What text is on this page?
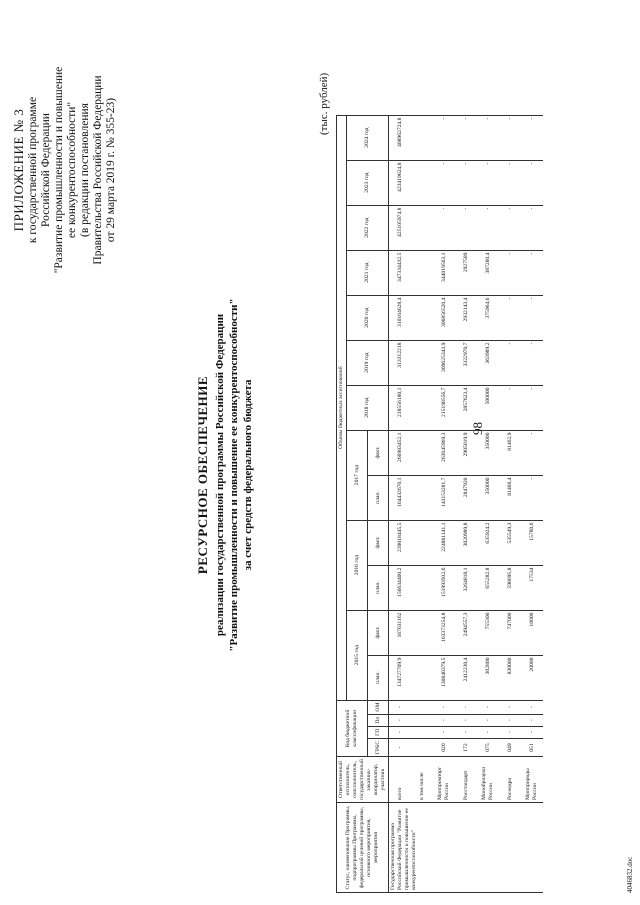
98
ПРИЛОЖЕНИЕ № 3 к государственной программе Российской Федерации "Развитие промышленности и повышение ее конкурентоспособности" (в редакции постановления Правительства Российской Федерации от 29 марта 2019 г. № 355-23)
РЕСУРСНОЕ ОБЕСПЕЧЕНИЕ реализации государственной программы Российской Федерации "Развитие промышленности и повышение ее конкурентоспособности" за счет средств федерального бюджета
(тыс. рублей)
Статус, наименование Программы, подпрограммы Программы, федеральной целевой программы, основного мероприятия, мероприятия	Ответственный исполнитель, соисполнитель, государственный заказчик-координатор, участник	Код бюджетной классификации				Объемы бюджетных ассигнований												
						2015 год		2016 год		2017 год		2018 год	2019 год	2020 год	2021 год	2022 год	2023 год	2024 год
		ГРБС	ГП	Пп	ОМ	план.	факт.	план.	факт.	план.	факт.							

Государственная программа Российской Федерации "Развитие промышленности и повышение ее конкурентоспособности"	всего	-	-	-	-	134727709,9	167631162	156634400,2	239018445,5	164432670,1	266983452,1	218556180,1	313312218	310164628,4	347334432,5	425105974,8	423419624,8	408962724,8
	в том числе																	
	Минпромторг России	020	-	-	-	130840379,5	163373254,8	151993932,6	224881141,1	143153281,7	263645969,3	215198556,7	309625343,9	306856520,4	344019563,1	-	-	-
	Росстандарт	172	-	-	-	2412230,4	2494557,3	3264818,1	3020989,8	2847920	2905019,9	2857623,4	3322978,7	2932143,4	2927589	-	-	-
	Минобрнауки России	075	-	-	-	302800	755300	655282,8	635924,2	350000	350000	500000	363989,2	375964,6	387280,4	-	-	-
	Роснедра	049	-	-	-	830000	747000	598695,8	535549,3	81468,4	81462,9	-	-	-	-	-	-	-
	Минприроды России	051	-	-	-	20000	18000	17534	15780,6	-	-	-	-	-	-	-	-	-
4046832.doc
